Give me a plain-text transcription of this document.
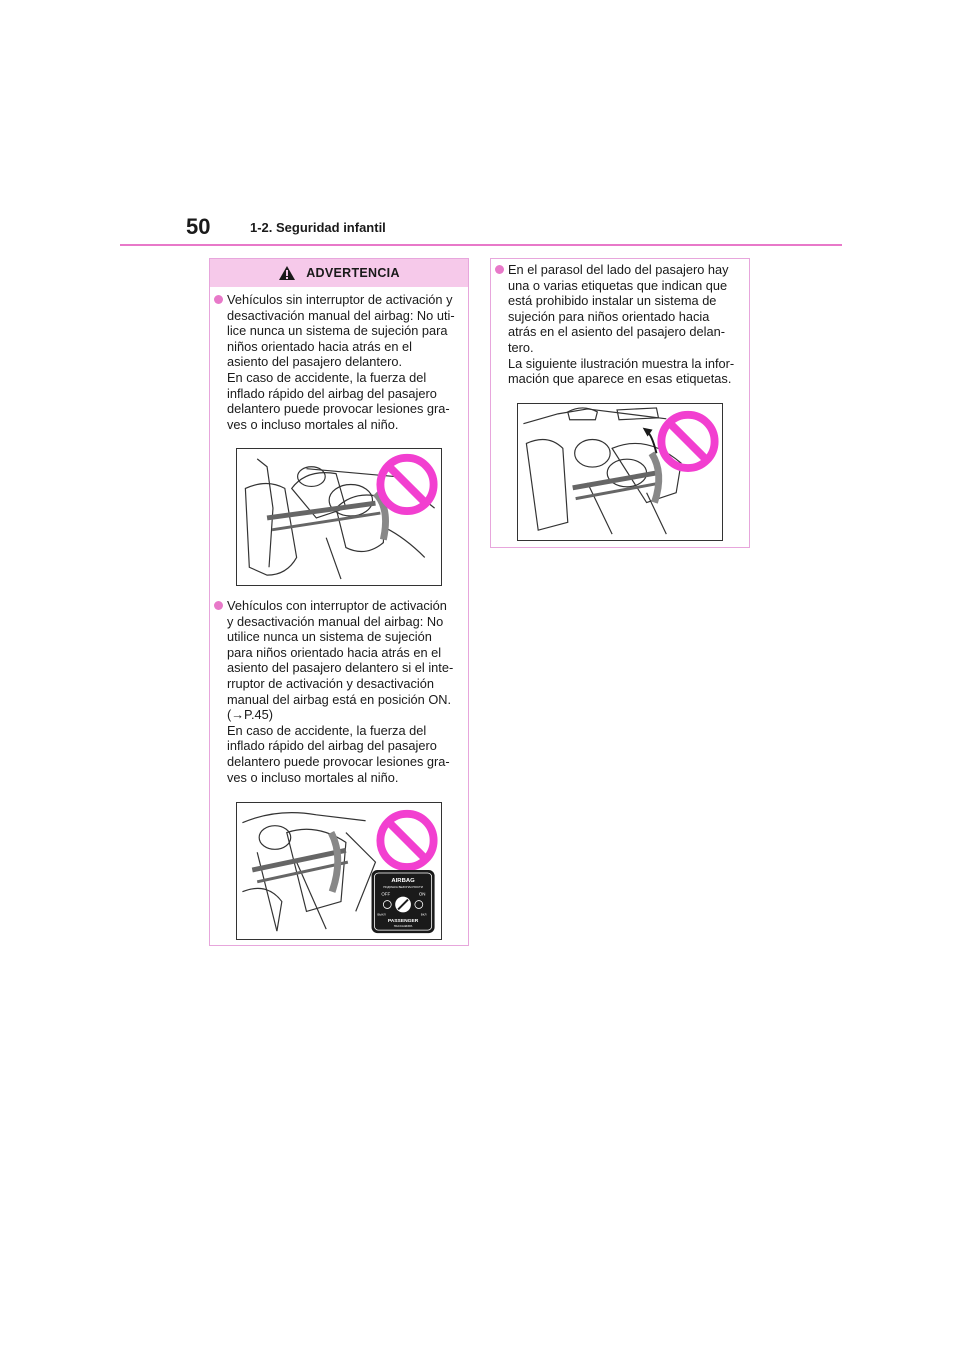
50	1-2. Seguridad infantil
ADVERTENCIA
Vehículos sin interruptor de activación y
desactivación manual del airbag: No uti-
lice nunca un sistema de sujeción para
niños orientado hacia atrás en el
asiento del pasajero delantero.
En caso de accidente, la fuerza del
inflado rápido del airbag del pasajero
delantero puede provocar lesiones gra-
ves o incluso mortales al niño.
Vehículos con interruptor de activación
y desactivación manual del airbag: No
utilice nunca un sistema de sujeción
para niños orientado hacia atrás en el
asiento del pasajero delantero si el inte-
rruptor de activación y desactivación
manual del airbag está en posición ON.
(→P.45)
En caso de accidente, la fuerza del
inflado rápido del airbag del pasajero
delantero puede provocar lesiones gra-
ves o incluso mortales al niño.
AIRBAG
ПОДУШКА БЕЗОПАСНОСТИ
OFF	ON
ВЫКЛ	ВКЛ
PASSENGER
ПАССАЖИРА
En el parasol del lado del pasajero hay
una o varias etiquetas que indican que
está prohibido instalar un sistema de
sujeción para niños orientado hacia
atrás en el asiento del pasajero delan-
tero.
La siguiente ilustración muestra la infor-
mación que aparece en esas etiquetas.
